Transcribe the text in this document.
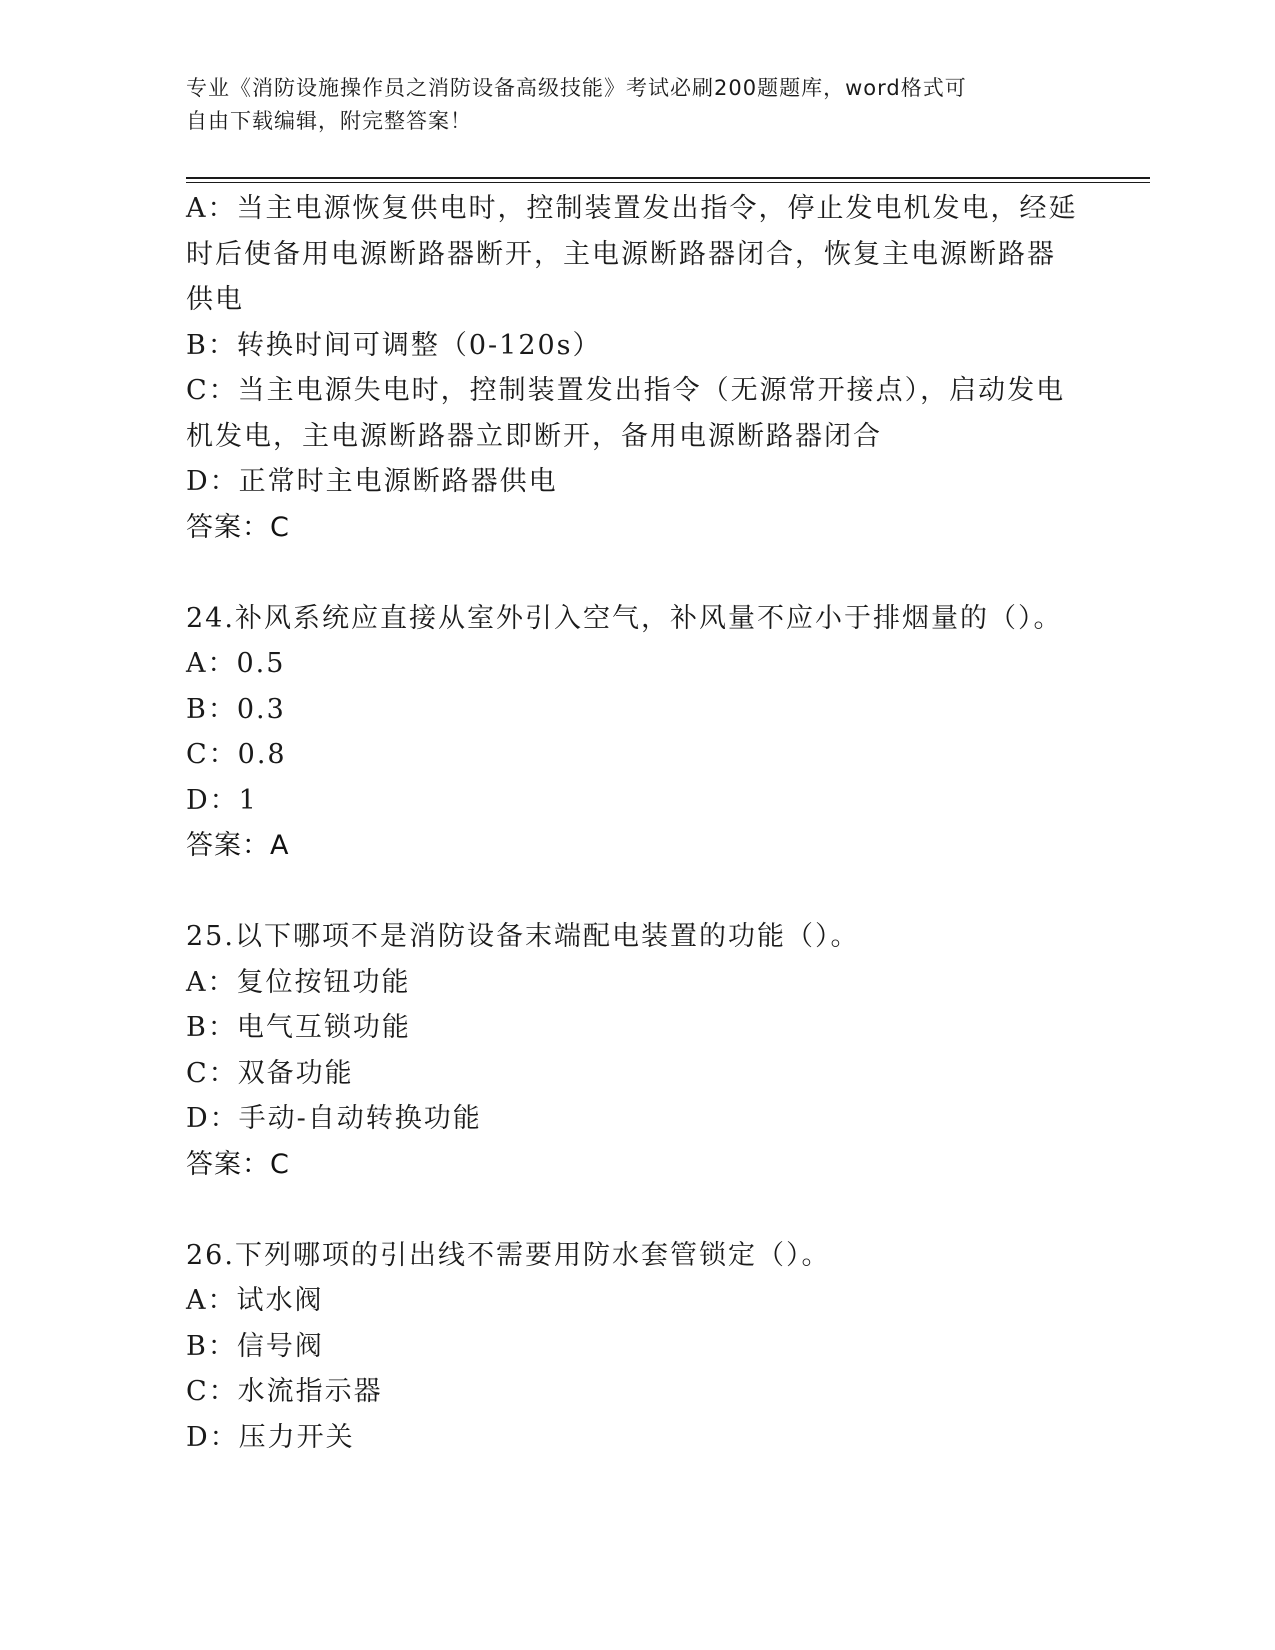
专业《消防设施操作员之消防设备高级技能》考试必刷200题题库，word格式可
自由下载编辑，附完整答案！
A：当主电源恢复供电时，控制装置发出指令，停止发电机发电，经延
时后使备用电源断路器断开，主电源断路器闭合，恢复主电源断路器
供电
B：转换时间可调整（0-120s）
C：当主电源失电时，控制装置发出指令（无源常开接点），启动发电
机发电，主电源断路器立即断开，备用电源断路器闭合
D：正常时主电源断路器供电
答案：C
24.补风系统应直接从室外引入空气，补风量不应小于排烟量的（）。
A：0.5
B：0.3
C：0.8
D：1
答案：A
25.以下哪项不是消防设备末端配电装置的功能（）。
A：复位按钮功能
B：电气互锁功能
C：双备功能
D：手动-自动转换功能
答案：C
26.下列哪项的引出线不需要用防水套管锁定（）。
A：试水阀
B：信号阀
C：水流指示器
D：压力开关
